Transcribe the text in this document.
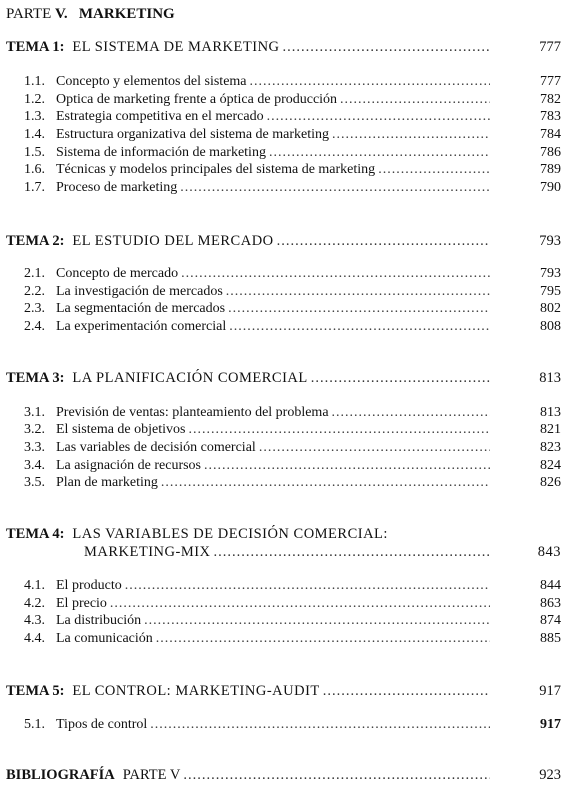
PARTE V. MARKETING
TEMA 1: EL SISTEMA DE MARKETING .....	777
1.1. Concepto y elementos del sistema .....	777
1.2. Optica de marketing frente a óptica de producción .....	782
1.3. Estrategia competitiva en el mercado .....	783
1.4. Estructura organizativa del sistema de marketing .....	784
1.5. Sistema de información de marketing .....	786
1.6. Técnicas y modelos principales del sistema de marketing .....	789
1.7. Proceso de marketing .....	790
TEMA 2: EL ESTUDIO DEL MERCADO .....	793
2.1. Concepto de mercado .....	793
2.2. La investigación de mercados .....	795
2.3. La segmentación de mercados .....	802
2.4. La experimentación comercial .....	808
TEMA 3: LA PLANIFICACIÓN COMERCIAL .....	813
3.1. Previsión de ventas: planteamiento del problema .....	813
3.2. El sistema de objetivos .....	821
3.3. Las variables de decisión comercial .....	823
3.4. La asignación de recursos .....	824
3.5. Plan de marketing .....	826
TEMA 4: LAS VARIABLES DE DECISIÓN COMERCIAL:
MARKETING-MIX .....	843
4.1. El producto .....	844
4.2. El precio .....	863
4.3. La distribución .....	874
4.4. La comunicación .....	885
TEMA 5: EL CONTROL: MARKETING-AUDIT .....	917
5.1. Tipos de control .....	917
BIBLIOGRAFÍA PARTE V .....	923
